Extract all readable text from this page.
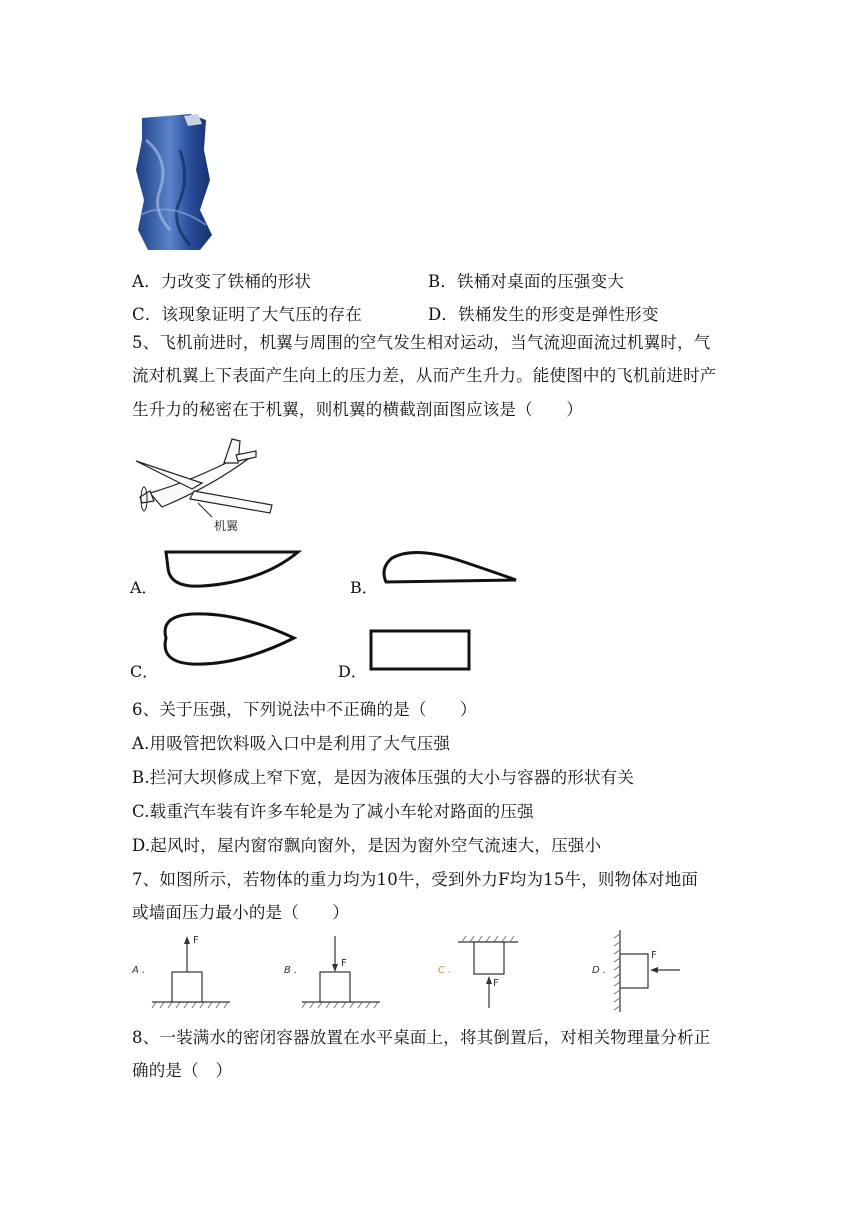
A．力改变了铁桶的形状	B．铁桶对桌面的压强变大
C．该现象证明了大气压的存在	D．铁桶发生的形变是弹性形变
5、飞机前进时，机翼与周围的空气发生相对运动，当气流迎面流过机翼时，气
流对机翼上下表面产生向上的压力差，从而产生升力。能使图中的飞机前进时产
生升力的秘密在于机翼，则机翼的横截剖面图应该是（　　）
机翼
A．	B．
C．	D．
6、关于压强，下列说法中不正确的是（　　）
A.用吸管把饮料吸入口中是利用了大气压强
B.拦河大坝修成上窄下宽，是因为液体压强的大小与容器的形状有关
C.载重汽车装有许多车轮是为了减小车轮对路面的压强
D.起风时，屋内窗帘飘向窗外，是因为窗外空气流速大，压强小
7、如图所示，若物体的重力均为10牛，受到外力F均为15牛，则物体对地面
或墙面压力最小的是（　　）
A .
F
B .
F
C .
F
D .
F
8、一装满水的密闭容器放置在水平桌面上，将其倒置后，对相关物理量分析正
确的是（　）
